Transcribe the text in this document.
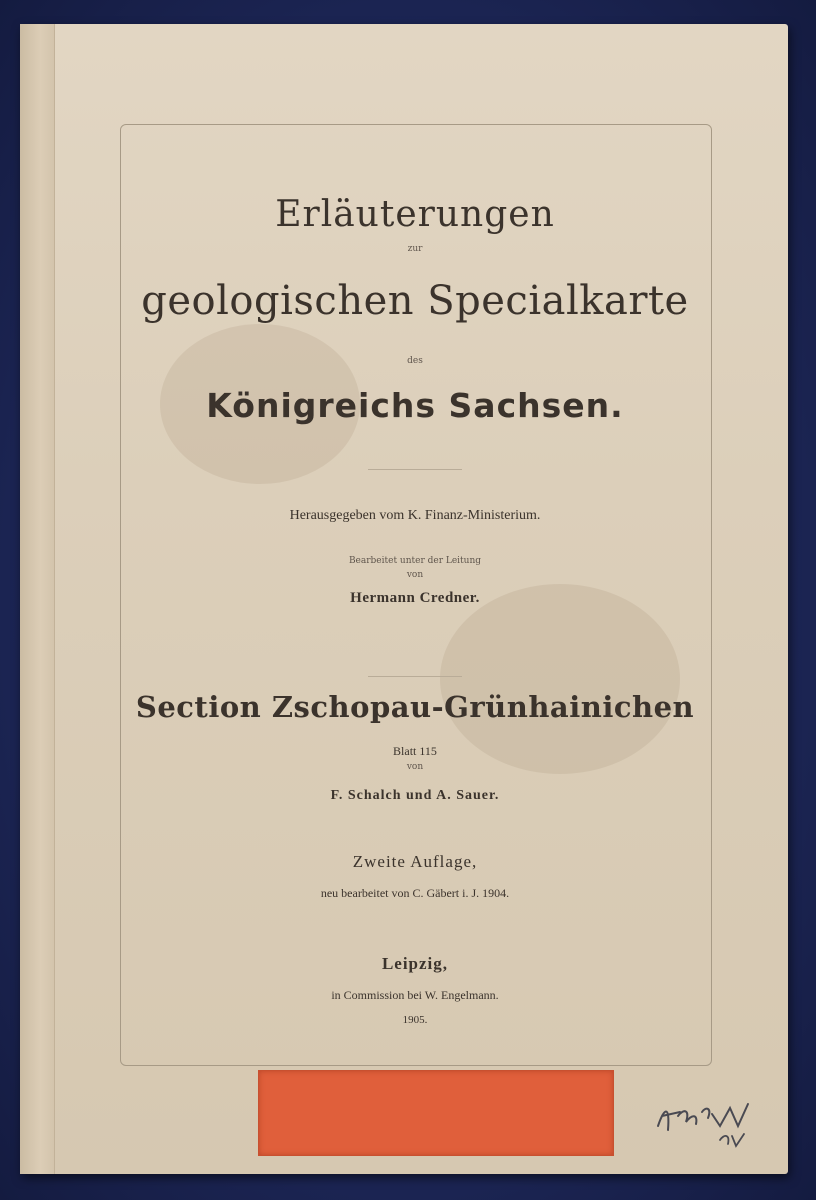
Erläuterungen
zur
geologischen Specialkarte
des
Königreichs Sachsen.
Herausgegeben vom K. Finanz-Ministerium.
Bearbeitet unter der Leitung
von
Hermann Credner.
Section Zschopau-Grünhainichen
Blatt 115
von
F. Schalch und A. Sauer.
Zweite Auflage,
neu bearbeitet von C. Gäbert i. J. 1904.
Leipzig,
in Commission bei W. Engelmann.
1905.
